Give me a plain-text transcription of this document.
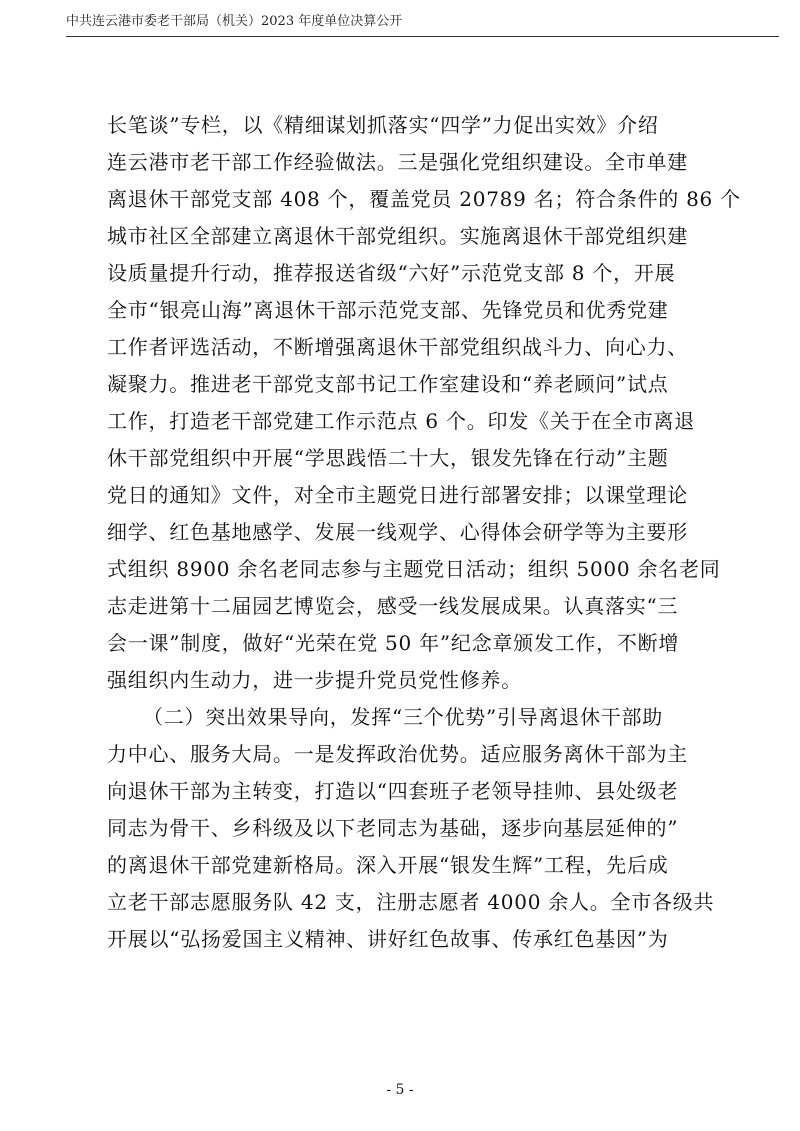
中共连云港市委老干部局（机关）2023 年度单位决算公开
长笔谈”专栏，以《精细谋划抓落实“四学”力促出实效》介绍
连云港市老干部工作经验做法。三是强化党组织建设。全市单建
离退休干部党支部 408 个，覆盖党员 20789 名；符合条件的 86 个
城市社区全部建立离退休干部党组织。实施离退休干部党组织建
设质量提升行动，推荐报送省级“六好”示范党支部 8 个，开展
全市“银亮山海”离退休干部示范党支部、先锋党员和优秀党建
工作者评选活动，不断增强离退休干部党组织战斗力、向心力、
凝聚力。推进老干部党支部书记工作室建设和“养老顾问”试点
工作，打造老干部党建工作示范点 6 个。印发《关于在全市离退
休干部党组织中开展“学思践悟二十大，银发先锋在行动”主题
党日的通知》文件，对全市主题党日进行部署安排；以课堂理论
细学、红色基地感学、发展一线观学、心得体会研学等为主要形
式组织 8900 余名老同志参与主题党日活动；组织 5000 余名老同
志走进第十二届园艺博览会，感受一线发展成果。认真落实“三
会一课”制度，做好“光荣在党 50 年”纪念章颁发工作，不断增
强组织内生动力，进一步提升党员党性修养。
（二）突出效果导向，发挥“三个优势”引导离退休干部助
力中心、服务大局。一是发挥政治优势。适应服务离休干部为主
向退休干部为主转变，打造以“四套班子老领导挂帅、县处级老
同志为骨干、乡科级及以下老同志为基础，逐步向基层延伸的”
的离退休干部党建新格局。深入开展“银发生辉”工程，先后成
立老干部志愿服务队 42 支，注册志愿者 4000 余人。全市各级共
开展以“弘扬爱国主义精神、讲好红色故事、传承红色基因”为
- 5 -
